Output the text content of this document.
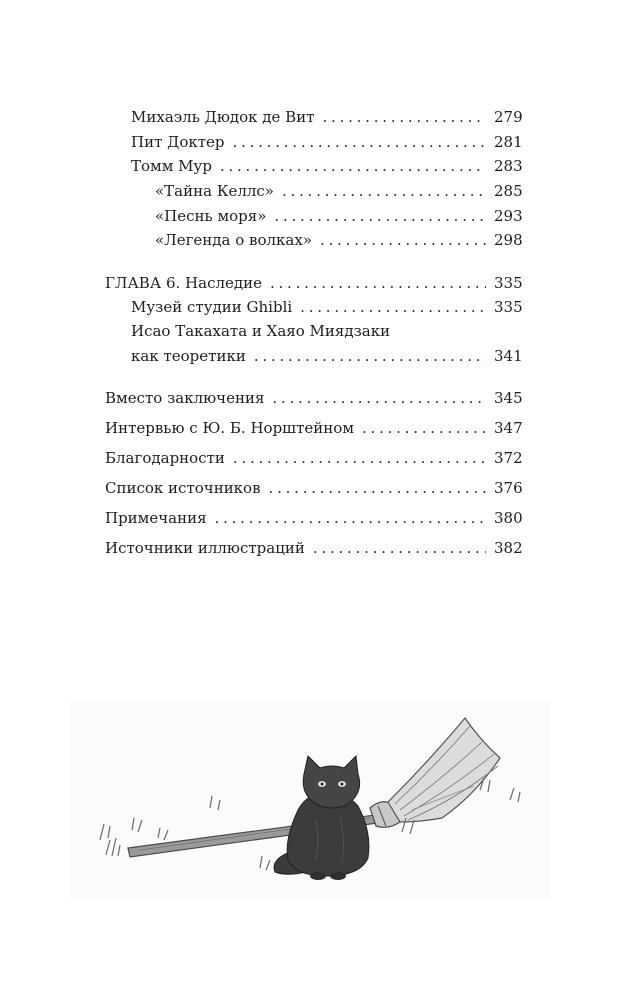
Михаэль Дюдок де Вит . . .	279
Пит Доктер . . .	281
Томм Мур . . .	283
«Тайна Келлс» . . .	285
«Песнь моря» . . .	293
«Легенда о волках» . . .	298
ГЛАВА 6. Наследие . . .	335
Музей студии Ghibli . . .	335
Исао Такахата и Хаяо Миядзаки
как теоретики . . .	341
Вместо заключения . . .	345
Интервью с Ю. Б. Норштейном . . .	347
Благодарности . . .	372
Список источников . . .	376
Примечания . . .	380
Источники иллюстраций . . .	382
